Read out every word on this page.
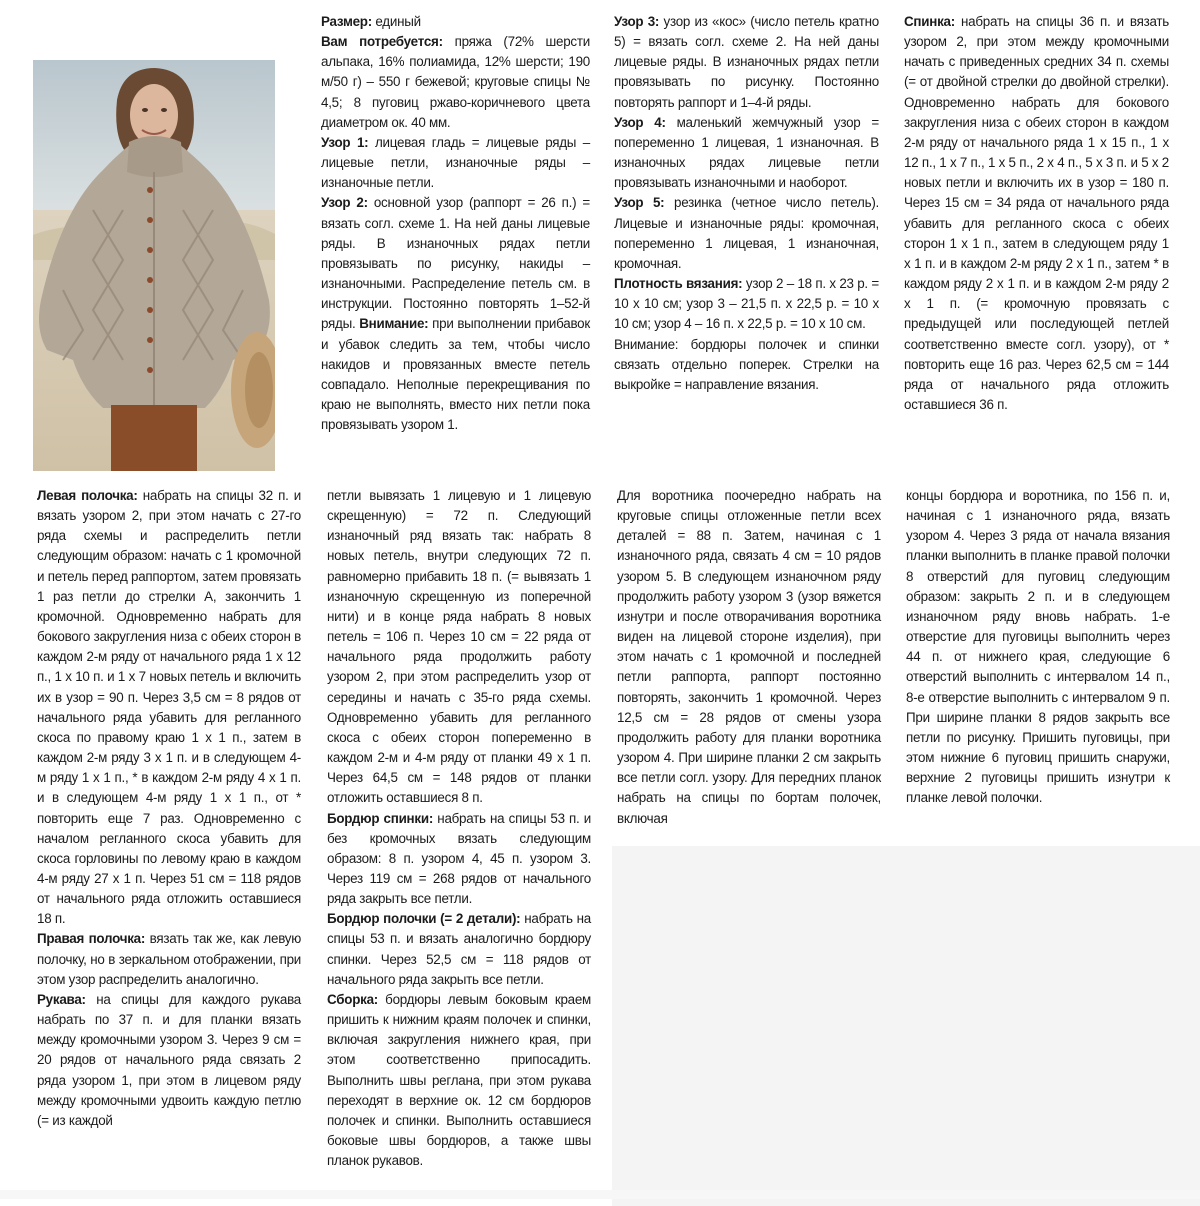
Размер: единый

Вам потребуется: пряжа (72% шерсти альпака, 16% полиамида, 12% шерсти; 190 м/50 г) – 550 г бежевой; круговые спицы № 4,5; 8 пуговиц ржаво-коричневого цвета диаметром ок. 40 мм.

Узор 1: лицевая гладь = лицевые ряды – лицевые петли, изнаночные ряды – изнаночные петли.

Узор 2: основной узор (раппорт = 26 п.) = вязать согл. схеме 1. На ней даны лицевые ряды. В изнаночных рядах петли провязывать по рисунку, накиды – изнаночными. Распределение петель см. в инструкции. Постоянно повторять 1–52-й ряды. Внимание: при выполнении прибавок и убавок следить за тем, чтобы число накидов и провязанных вместе петель совпадало. Неполные перекрещивания по краю не выполнять, вместо них петли пока провязывать узором 1.

Узор 3: узор из «кос» (число петель кратно 5) = вязать согл. схеме 2. На ней даны лицевые ряды. В изнаночных рядах петли провязывать по рисунку. Постоянно повторять раппорт и 1–4-й ряды.

Узор 4: маленький жемчужный узор = попеременно 1 лицевая, 1 изнаночная. В изнаночных рядах лицевые петли провязывать изнаночными и наоборот.

Узор 5: резинка (четное число петель). Лицевые и изнаночные ряды: кромочная, попеременно 1 лицевая, 1 изнаночная, кромочная.

Плотность вязания: узор 2 – 18 п. x 23 р. = 10 x 10 см; узор 3 – 21,5 п. x 22,5 р. = 10 x 10 см; узор 4 – 16 п. x 22,5 р. = 10 x 10 см.

Внимание: бордюры полочек и спинки связать отдельно поперек. Стрелки на выкройке = направление вязания.

Спинка: набрать на спицы 36 п. и вязать узором 2, при этом между кромочными начать с приведенных средних 34 п. схемы (= от двойной стрелки до двойной стрелки). Одновременно набрать для бокового закругления низа с обеих сторон в каждом 2-м ряду от начального ряда 1 x 15 п., 1 x 12 п., 1 x 7 п., 1 x 5 п., 2 x 4 п., 5 x 3 п. и 5 x 2 новых петли и включить их в узор = 180 п. Через 15 см = 34 ряда от начального ряда убавить для регланного скоса с обеих сторон 1 x 1 п., затем в следующем ряду 1 x 1 п. и в каждом 2-м ряду 2 x 1 п., затем * в каждом ряду 2 x 1 п. и в каждом 2-м ряду 2 x 1 п. (= кромочную провязать с предыдущей или последующей петлей соответственно вместе согл. узору), от * повторить еще 16 раз. Через 62,5 см = 144 ряда от начального ряда отложить оставшиеся 36 п.

Левая полочка: набрать на спицы 32 п. и вязать узором 2, при этом начать с 27-го ряда схемы и распределить петли следующим образом: начать с 1 кромочной и петель перед раппортом, затем провязать 1 раз петли до стрелки А, закончить 1 кромочной. Одновременно набрать для бокового закругления низа с обеих сторон в каждом 2-м ряду от начального ряда 1 x 12 п., 1 x 10 п. и 1 x 7 новых петель и включить их в узор = 90 п. Через 3,5 см = 8 рядов от начального ряда убавить для регланного скоса по правому краю 1 x 1 п., затем в каждом 2-м ряду 3 x 1 п. и в следующем 4-м ряду 1 x 1 п., * в каждом 2-м ряду 4 x 1 п. и в следующем 4-м ряду 1 x 1 п., от * повторить еще 7 раз. Одновременно с началом регланного скоса убавить для скоса горловины по левому краю в каждом 4-м ряду 27 x 1 п. Через 51 см = 118 рядов от начального ряда отложить оставшиеся 18 п.

Правая полочка: вязать так же, как левую полочку, но в зеркальном отображении, при этом узор распределить аналогично.

Рукава: на спицы для каждого рукава набрать по 37 п. и для планки вязать между кромочными узором 3. Через 9 см = 20 рядов от начального ряда связать 2 ряда узором 1, при этом в лицевом ряду между кромочными удвоить каждую петлю (= из каждой

петли вывязать 1 лицевую и 1 лицевую скрещенную) = 72 п. Следующий изнаночный ряд вязать так: набрать 8 новых петель, внутри следующих 72 п. равномерно прибавить 18 п. (= вывязать 1 изнаночную скрещенную из поперечной нити) и в конце ряда набрать 8 новых петель = 106 п. Через 10 см = 22 ряда от начального ряда продолжить работу узором 2, при этом распределить узор от середины и начать с 35-го ряда схемы. Одновременно убавить для регланного скоса с обеих сторон попеременно в каждом 2-м и 4-м ряду от планки 49 x 1 п. Через 64,5 см = 148 рядов от планки отложить оставшиеся 8 п.

Бордюр спинки: набрать на спицы 53 п. и без кромочных вязать следующим образом: 8 п. узором 4, 45 п. узором 3. Через 119 см = 268 рядов от начального ряда закрыть все петли.

Бордюр полочки (= 2 детали): набрать на спицы 53 п. и вязать аналогично бордюру спинки. Через 52,5 см = 118 рядов от начального ряда закрыть все петли.

Сборка: бордюры левым боковым краем пришить к нижним краям полочек и спинки, включая закругления нижнего края, при этом соответственно припосадить. Выполнить швы реглана, при этом рукава переходят в верхние ок. 12 см бордюров полочек и спинки. Выполнить оставшиеся боковые швы бордюров, а также швы планок рукавов.

Для воротника поочередно набрать на круговые спицы отложенные петли всех деталей = 88 п. Затем, начиная с 1 изнаночного ряда, связать 4 см = 10 рядов узором 5. В следующем изнаночном ряду продолжить работу узором 3 (узор вяжется изнутри и после отворачивания воротника виден на лицевой стороне изделия), при этом начать с 1 кромочной и последней петли раппорта, раппорт постоянно повторять, закончить 1 кромочной. Через 12,5 см = 28 рядов от смены узора продолжить работу для планки воротника узором 4. При ширине планки 2 см закрыть все петли согл. узору. Для передних планок набрать на спицы по бортам полочек, включая

концы бордюра и воротника, по 156 п. и, начиная с 1 изнаночного ряда, вязать узором 4. Через 3 ряда от начала вязания планки выполнить в планке правой полочки 8 отверстий для пуговиц следующим образом: закрыть 2 п. и в следующем изнаночном ряду вновь набрать. 1-е отверстие для пуговицы выполнить через 44 п. от нижнего края, следующие 6 отверстий выполнить с интервалом 14 п., 8-е отверстие выполнить с интервалом 9 п. При ширине планки 8 рядов закрыть все петли по рисунку. Пришить пуговицы, при этом нижние 6 пуговиц пришить снаружи, верхние 2 пуговицы пришить изнутри к планке левой полочки.
